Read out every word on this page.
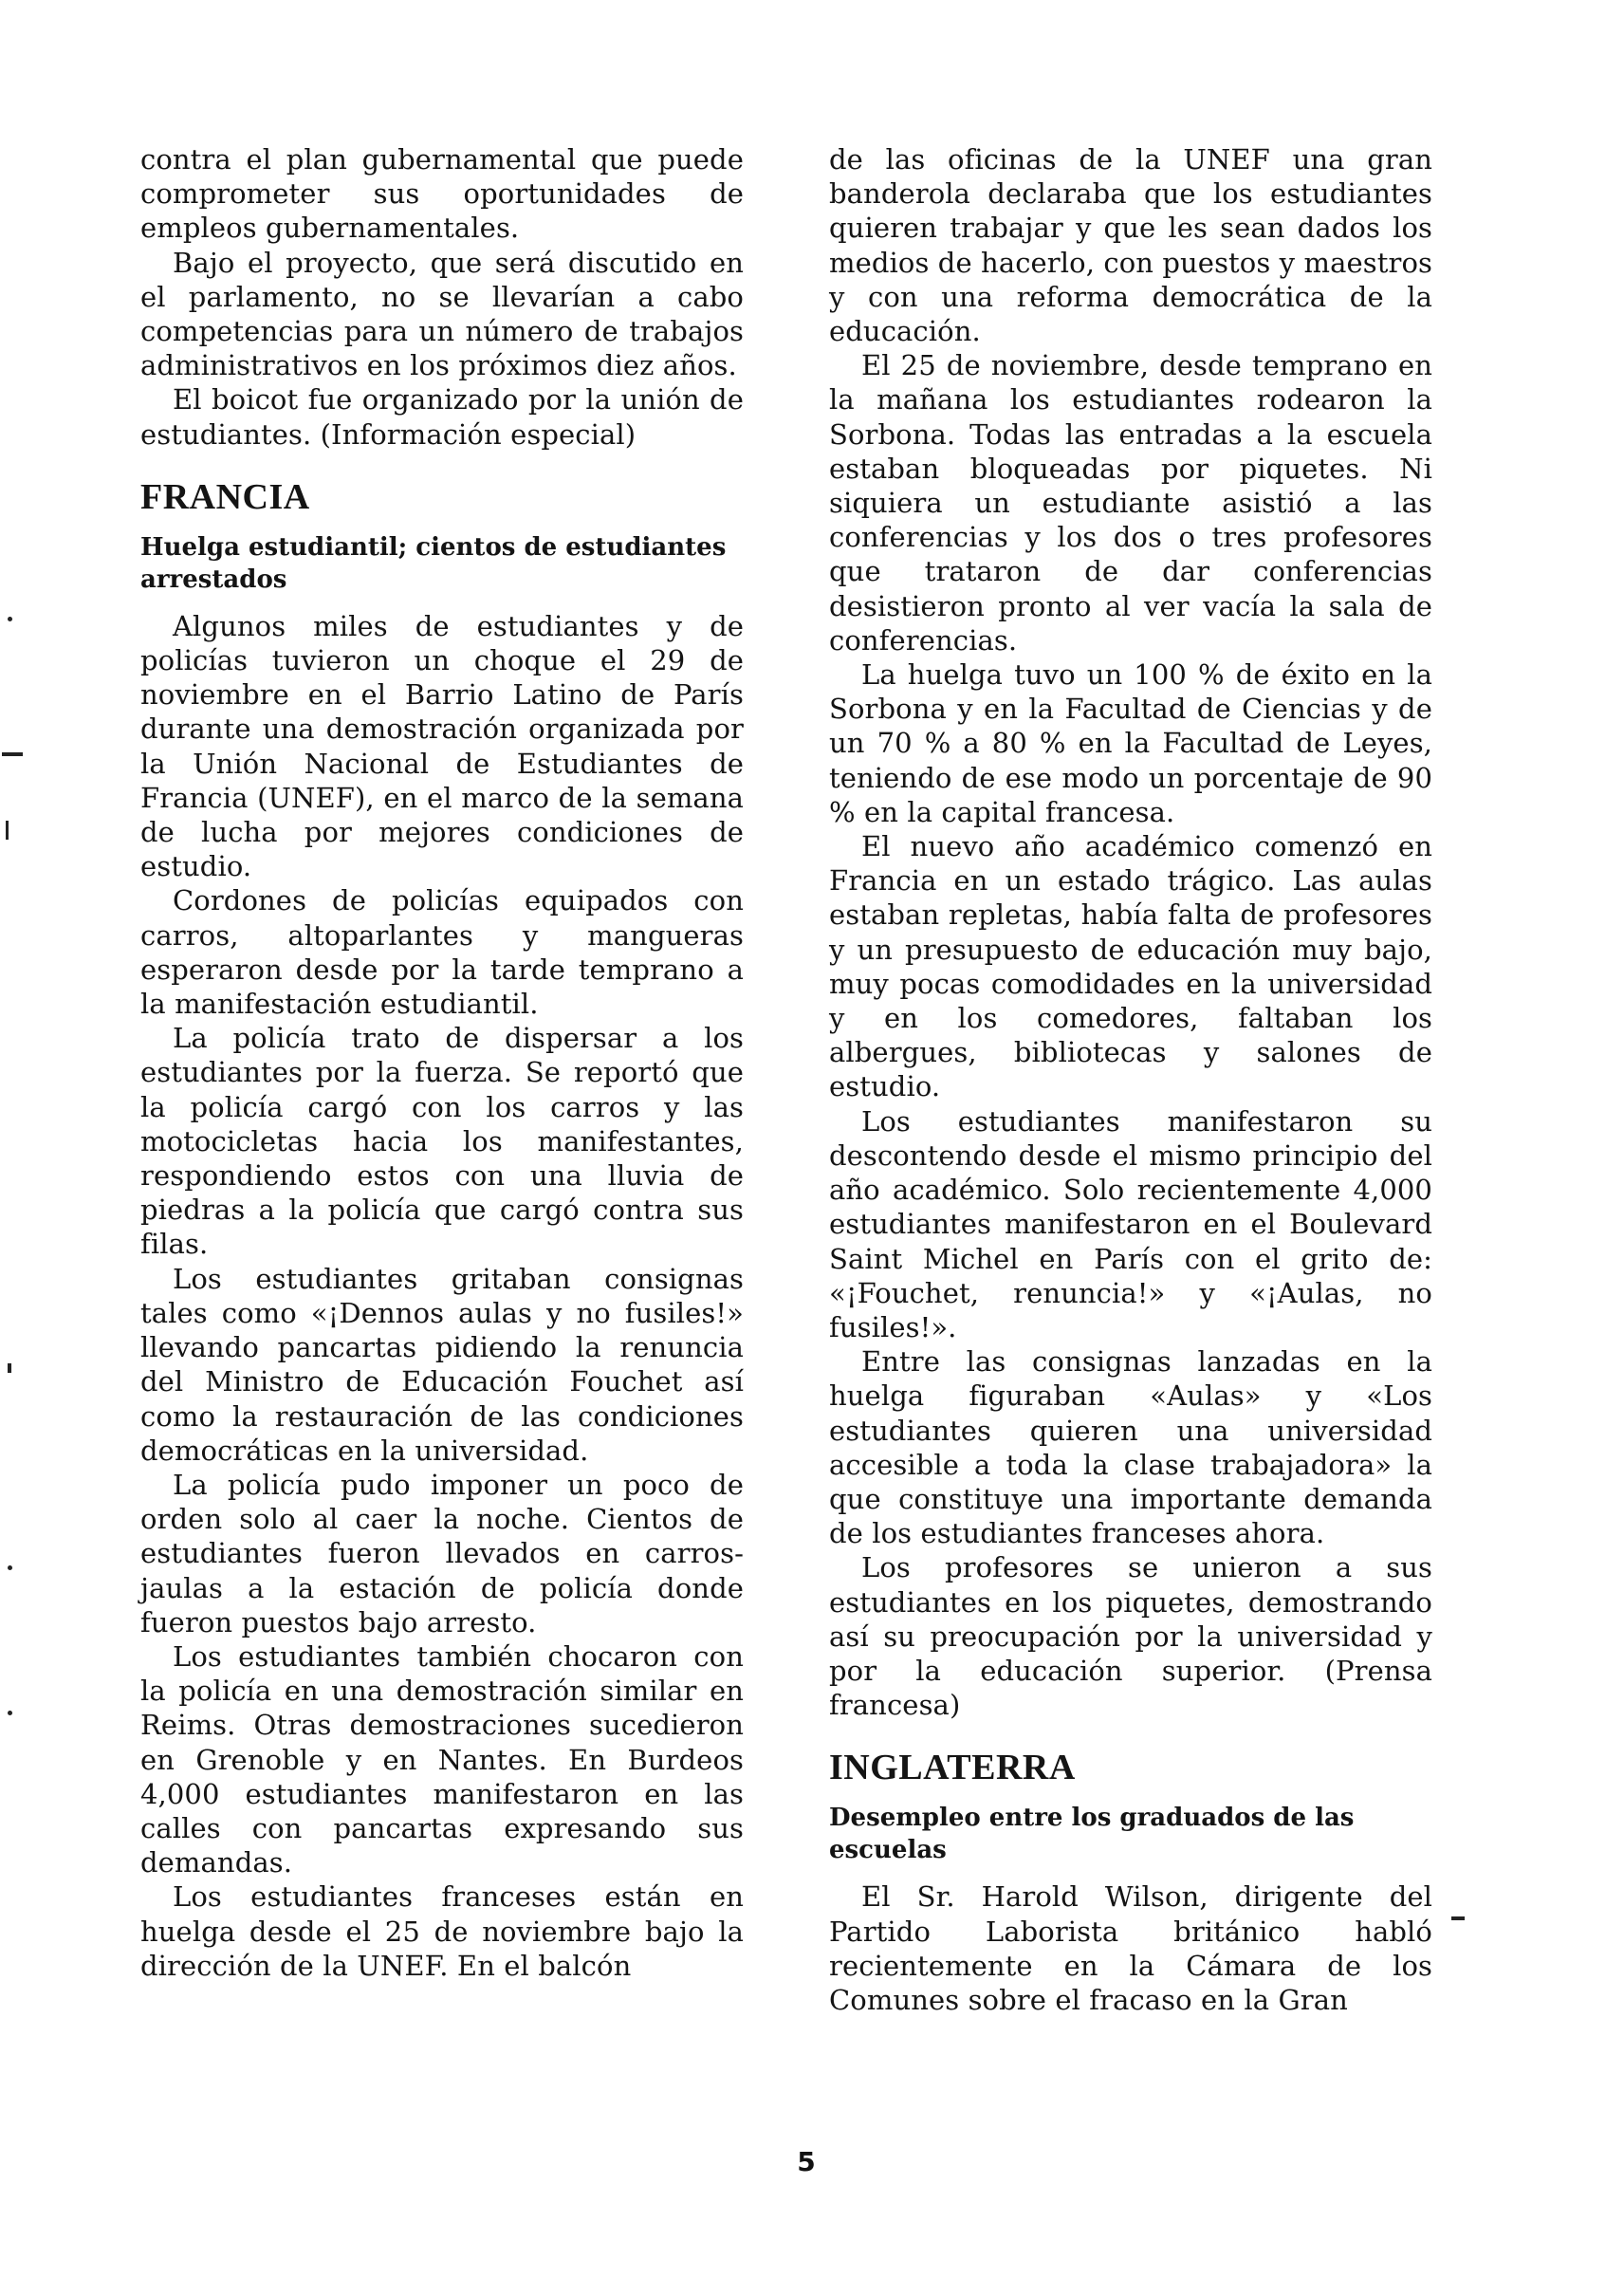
contra el plan gubernamental que puede comprometer sus oportunidades de empleos gubernamentales.

Bajo el proyecto, que será discutido en el parlamento, no se llevarían a cabo competencias para un número de trabajos administrativos en los próximos diez años.

El boicot fue organizado por la unión de estudiantes. (Información especial)

FRANCIA
Huelga estudiantil; cientos de estudiantes arrestados

Algunos miles de estudiantes y de policías tuvieron un choque el 29 de noviembre en el Barrio Latino de París durante una demostración organizada por la Unión Nacional de Estudiantes de Francia (UNEF), en el marco de la semana de lucha por mejores condiciones de estudio.

Cordones de policías equipados con carros, altoparlantes y mangueras esperaron desde por la tarde temprano a la manifestación estudiantil.

La policía trato de dispersar a los estudiantes por la fuerza. Se reportó que la policía cargó con los carros y las motocicletas hacia los manifestantes, respondiendo estos con una lluvia de piedras a la policía que cargó contra sus filas.

Los estudiantes gritaban consignas tales como «¡Dennos aulas y no fusiles!» llevando pancartas pidiendo la renuncia del Ministro de Educación Fouchet así como la restauración de las condiciones democráticas en la universidad.

La policía pudo imponer un poco de orden solo al caer la noche. Cientos de estudiantes fueron llevados en carros-jaulas a la estación de policía donde fueron puestos bajo arresto.

Los estudiantes también chocaron con la policía en una demostración similar en Reims. Otras demostraciones sucedieron en Grenoble y en Nantes. En Burdeos 4,000 estudiantes manifestaron en las calles con pancartas expresando sus demandas.

Los estudiantes franceses están en huelga desde el 25 de noviembre bajo la dirección de la UNEF. En el balcón

de las oficinas de la UNEF una gran banderola declaraba que los estudiantes quieren trabajar y que les sean dados los medios de hacerlo, con puestos y maestros y con una reforma democrática de la educación.

El 25 de noviembre, desde temprano en la mañana los estudiantes rodearon la Sorbona. Todas las entradas a la escuela estaban bloqueadas por piquetes. Ni siquiera un estudiante asistió a las conferencias y los dos o tres profesores que trataron de dar conferencias desistieron pronto al ver vacía la sala de conferencias.

La huelga tuvo un 100 % de éxito en la Sorbona y en la Facultad de Ciencias y de un 70 % a 80 % en la Facultad de Leyes, teniendo de ese modo un porcentaje de 90 % en la capital francesa.

El nuevo año académico comenzó en Francia en un estado trágico. Las aulas estaban repletas, había falta de profesores y un presupuesto de educación muy bajo, muy pocas comodidades en la universidad y en los comedores, faltaban los albergues, bibliotecas y salones de estudio.

Los estudiantes manifestaron su descontendo desde el mismo principio del año académico. Solo recientemente 4,000 estudiantes manifestaron en el Boulevard Saint Michel en París con el grito de: «¡Fouchet, renuncia!» y «¡Aulas, no fusiles!».

Entre las consignas lanzadas en la huelga figuraban «Aulas» y «Los estudiantes quieren una universidad accesible a toda la clase trabajadora» la que constituye una importante demanda de los estudiantes franceses ahora.

Los profesores se unieron a sus estudiantes en los piquetes, demostrando así su preocupación por la universidad y por la educación superior. (Prensa francesa)

INGLATERRA
Desempleo entre los graduados de las escuelas

El Sr. Harold Wilson, dirigente del Partido Laborista británico habló recientemente en la Cámara de los Comunes sobre el fracaso en la Gran

5
